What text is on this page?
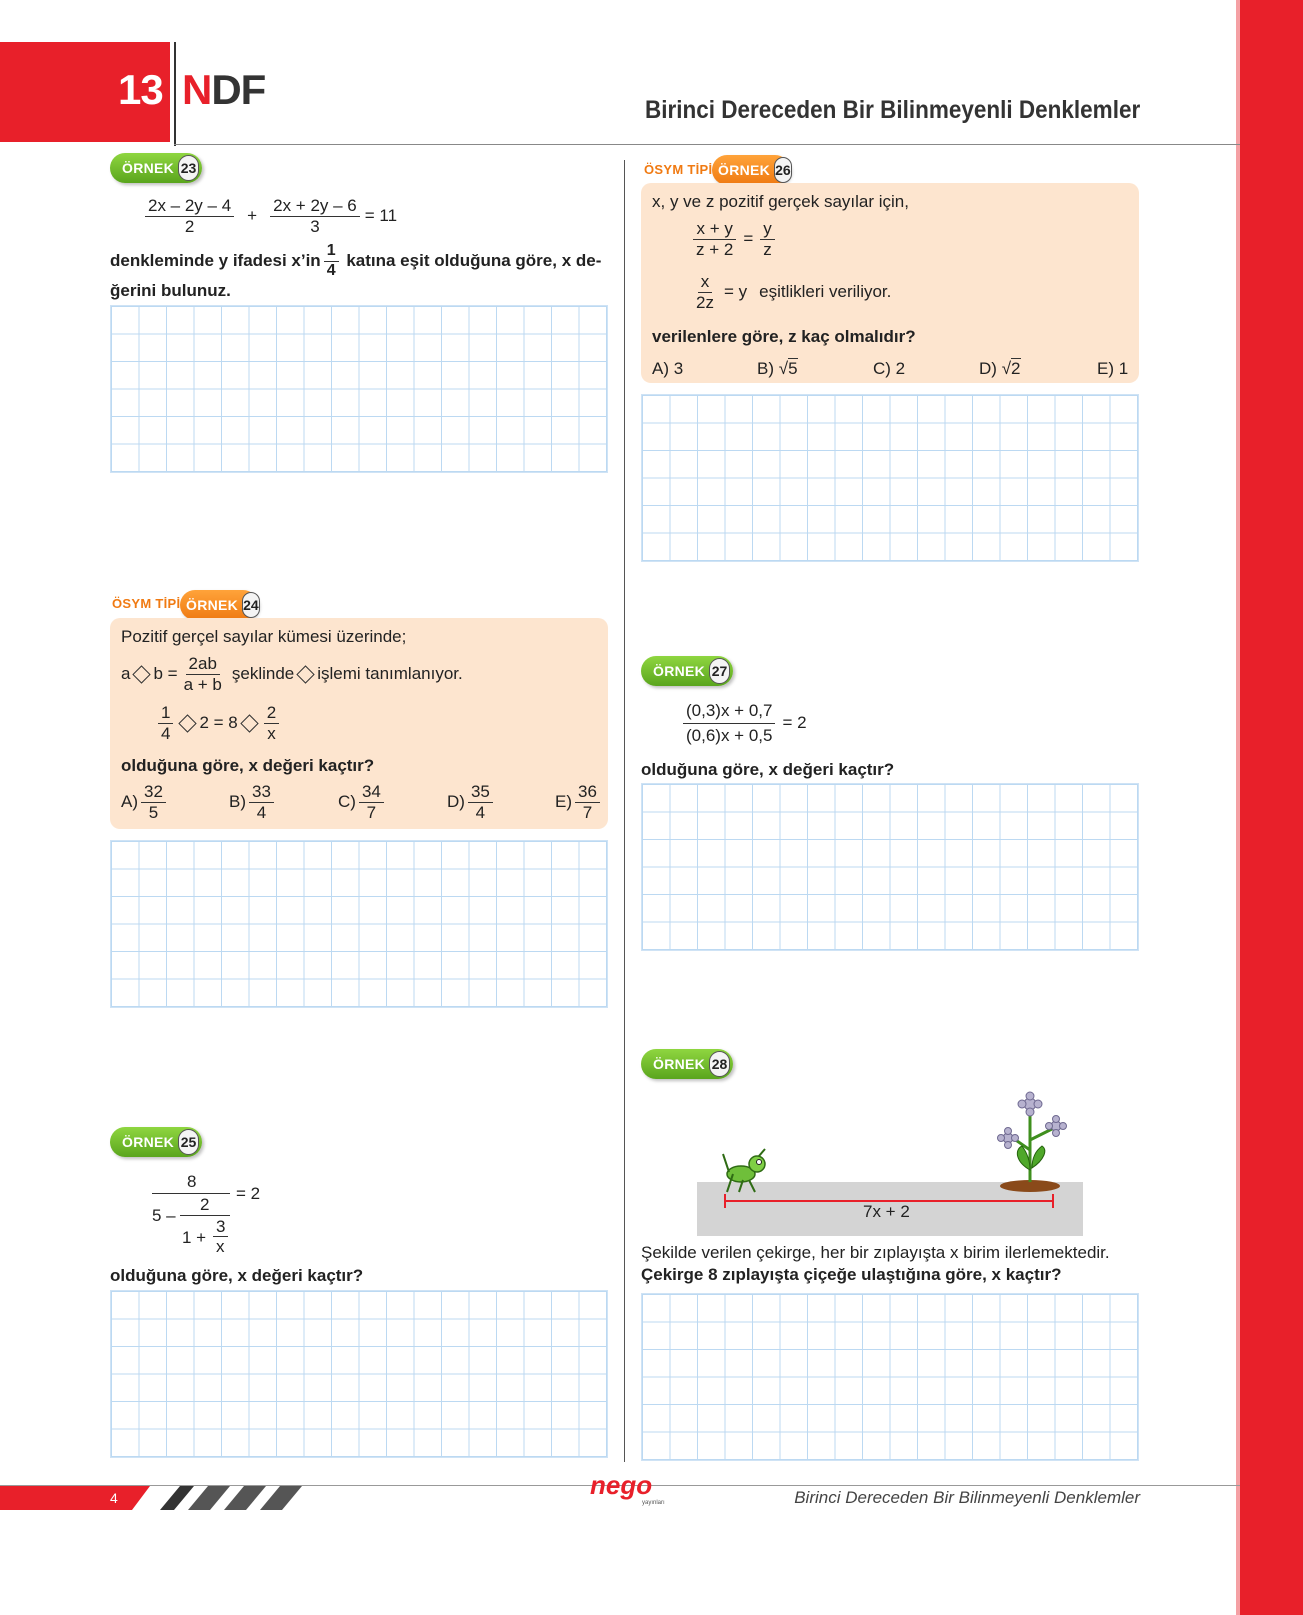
13 NDF	Birinci Dereceden Bir Bilinmeyenli Denklemler
ÖRNEK 23
$\frac{2x - 2y - 4}{2} + \frac{2x + 2y - 6}{3} = 11$
denkleminde y ifadesi x’in $\frac{1}{4}$ katına eşit olduğuna göre, x de-
ğerini bulunuz.
ÖSYM TİPİ ÖRNEK 24
Pozitif gerçel sayılar kümesi üzerinde;
a $b = \frac{2ab}{a + b}$ şeklinde işlemi tanımlanıyor.
$\frac{1}{4} 2 = 8 \frac{2}{x}$
olduğuna göre, x değeri kaçtır?
$A) \frac{32}{5}$	$B) \frac{33}{4}$	$C) \frac{34}{7}$	$D) \frac{35}{4}$	$E) \frac{36}{7}$
ÖRNEK 25
8
= 2
5 –
2
1 +
3
x
olduğuna göre, x değeri kaçtır?
ÖSYM TİPİ ÖRNEK 26
x, y ve z pozitif gerçek sayılar için,
$\frac{x + y}{z + 2} = \frac{y}{z}$
$\frac{x}{2z} = y$ eşitlikleri veriliyor.
verilenlere göre, z kaç olmalıdır?
A) 3	B) √5	C) 2	D) √2	E) 1
ÖRNEK 27
$\frac{(0,3)x + 0,7}{(0,6)x + 0,5} = 2$
olduğuna göre, x değeri kaçtır?
ÖRNEK 28
7x + 2
Şekilde verilen çekirge, her bir zıplayışta x birim ilerlemektedir.
Çekirge 8 zıplayışta çiçeğe ulaştığına göre, x kaçtır?
4	nego
yayınları	Birinci Dereceden Bir Bilinmeyenli Denklemler
